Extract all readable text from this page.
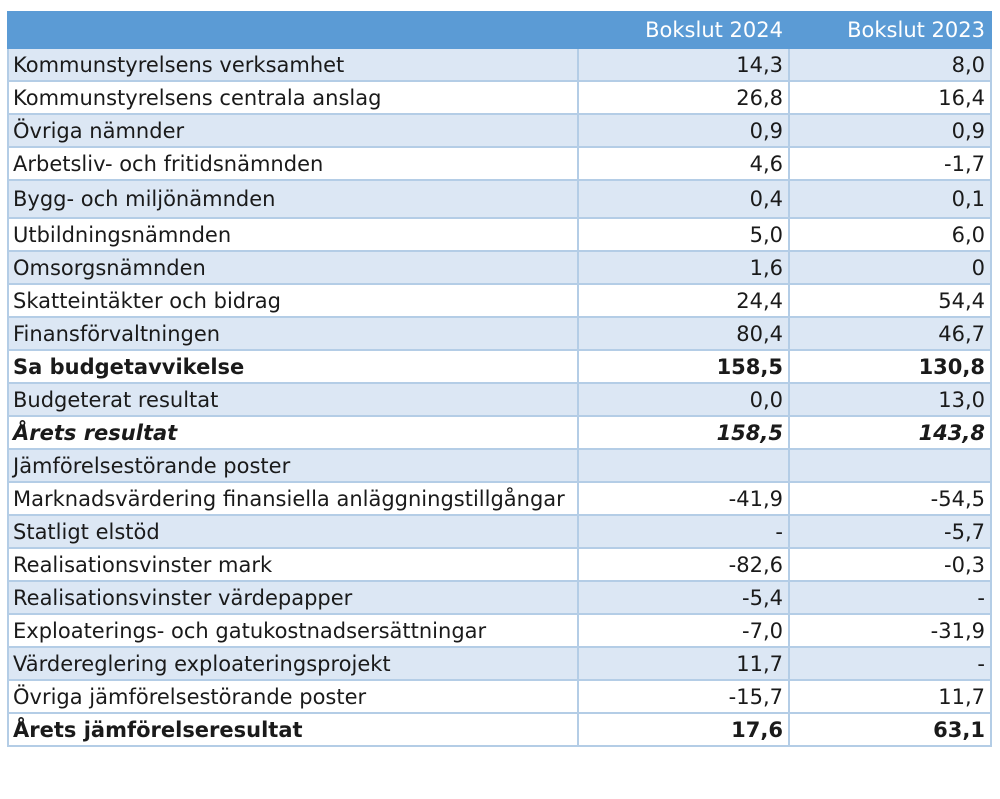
	Bokslut 2024	Bokslut 2023
Kommunstyrelsens verksamhet	14,3	8,0
Kommunstyrelsens centrala anslag	26,8	16,4
Övriga nämnder	0,9	0,9
Arbetsliv- och fritidsnämnden	4,6	-1,7
Bygg- och miljönämnden	0,4	0,1
Utbildningsnämnden	5,0	6,0
Omsorgsnämnden	1,6	0
Skatteintäkter och bidrag	24,4	54,4
Finansförvaltningen	80,4	46,7
Sa budgetavvikelse	158,5	130,8
Budgeterat resultat	0,0	13,0
Årets resultat	158,5	143,8
Jämförelsestörande poster		
Marknadsvärdering finansiella anläggningstillgångar	-41,9	-54,5
Statligt elstöd	-	-5,7
Realisationsvinster mark	-82,6	-0,3
Realisationsvinster värdepapper	-5,4	-
Exploaterings- och gatukostnadsersättningar	-7,0	-31,9
Värdereglering exploateringsprojekt	11,7	-
Övriga jämförelsestörande poster	-15,7	11,7
Årets jämförelseresultat	17,6	63,1
